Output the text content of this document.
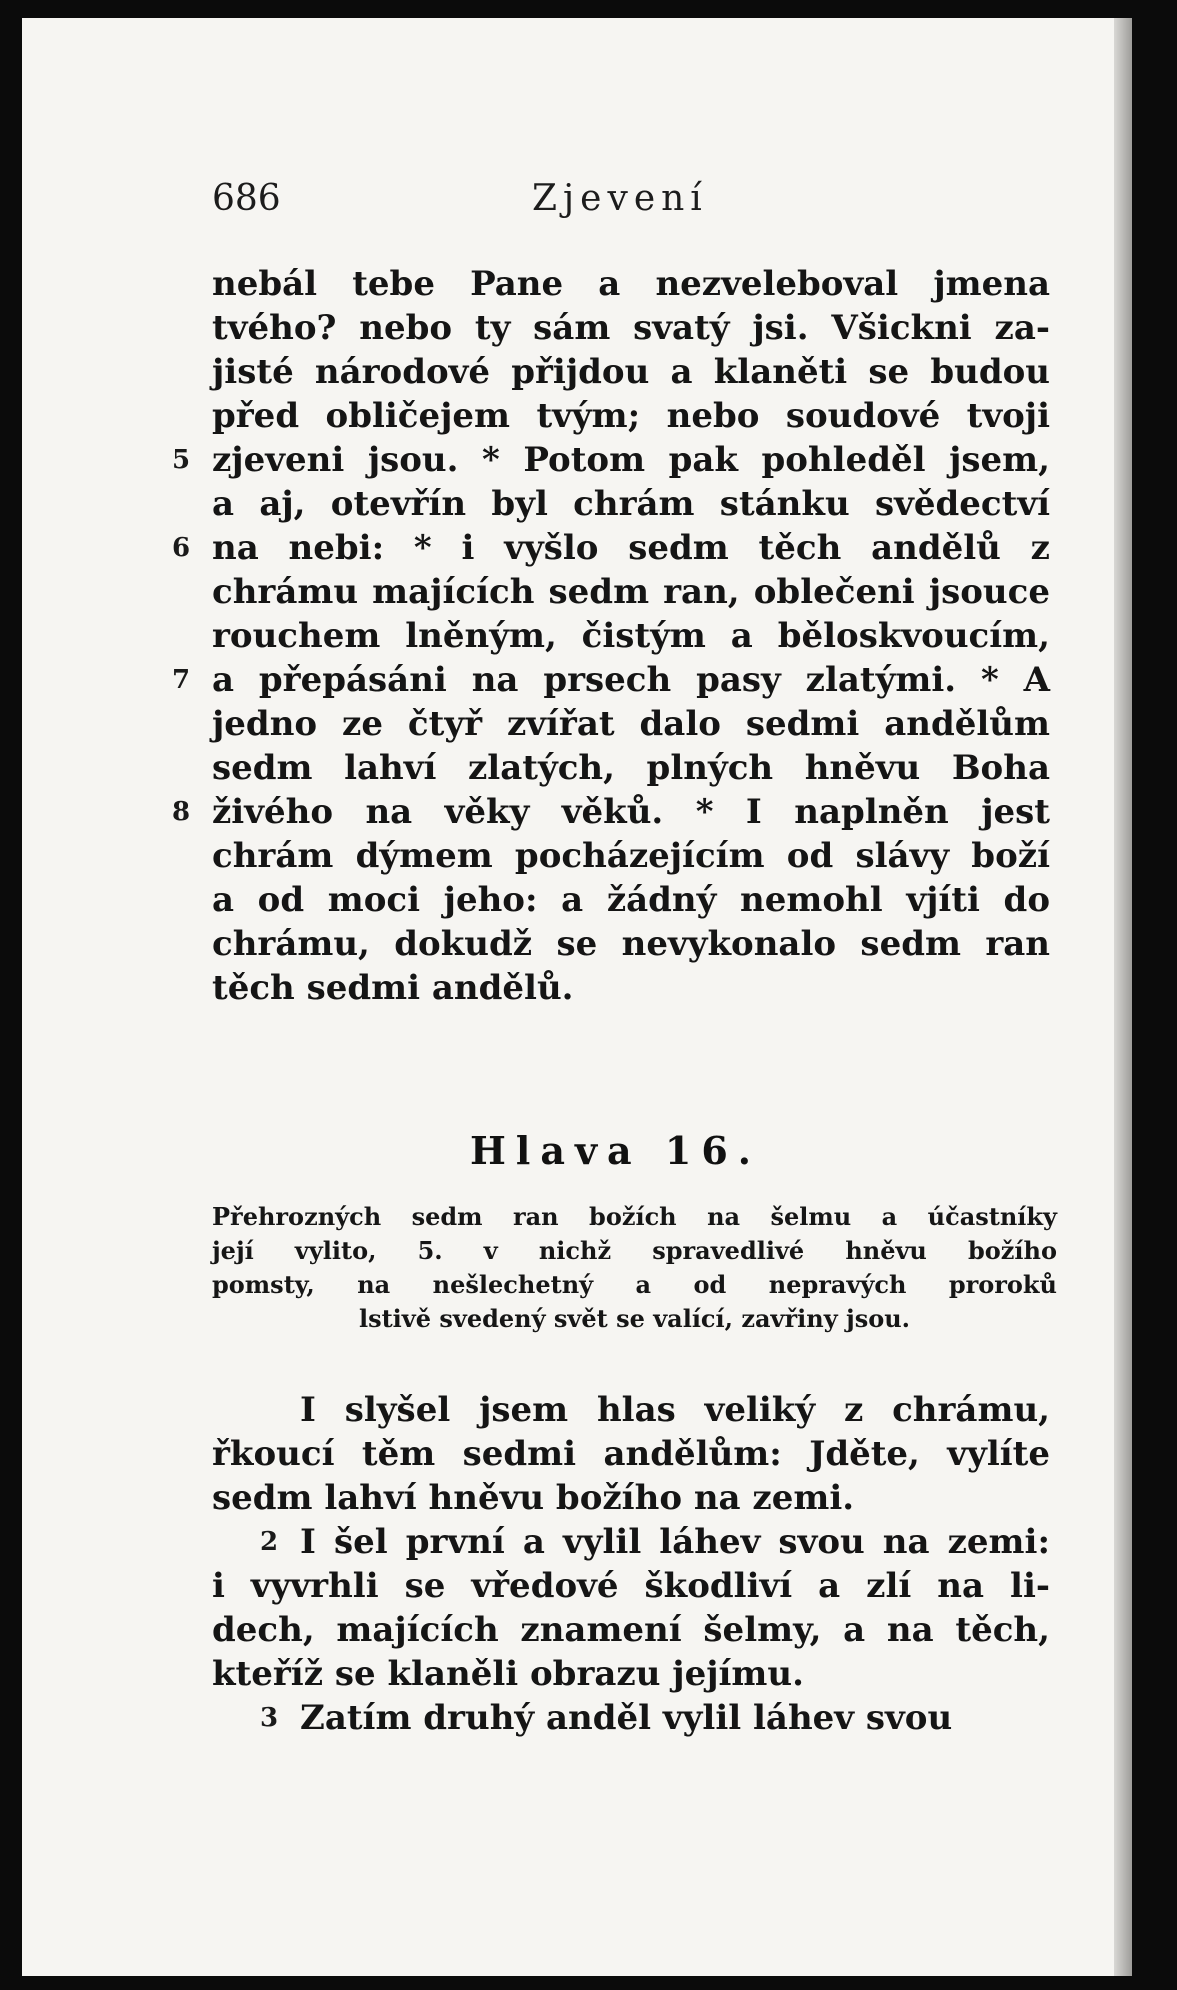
686	Zjevení
nebál tebe Pane a nezveleboval jmena
tvého? nebo ty sám svatý jsi. Všickni za-
jisté národové přijdou a klaněti se budou
před obličejem tvým; nebo soudové tvoji
5 zjeveni jsou. * Potom pak pohleděl jsem,
a aj, otevřín byl chrám stánku svědectví
6 na nebi: * i vyšlo sedm těch andělů z
chrámu majících sedm ran, oblečeni jsouce
rouchem lněným, čistým a běloskvoucím,
7 a přepásáni na prsech pasy zlatými. * A
jedno ze čtyř zvířat dalo sedmi andělům
sedm lahví zlatých, plných hněvu Boha
8 živého na věky věků. * I naplněn jest
chrám dýmem pocházejícím od slávy boží
a od moci jeho: a žádný nemohl vjíti do
chrámu, dokudž se nevykonalo sedm ran
těch sedmi andělů.
Hlava 16.
Přehrozných sedm ran božích na šelmu a účastníky
její vylito, 5. v nichž spravedlivé hněvu božího
pomsty, na nešlechetný a od nepravých proroků
lstivě svedený svět se valící, zavřiny jsou.
I slyšel jsem hlas veliký z chrámu,
řkoucí těm sedmi andělům: Jděte, vylíte
sedm lahví hněvu božího na zemi.
2 I šel první a vylil láhev svou na zemi:
i vyvrhli se vředové škodliví a zlí na li-
dech, majících znamení šelmy, a na těch,
kteříž se klaněli obrazu jejímu.
3 Zatím druhý anděl vylil láhev svou
